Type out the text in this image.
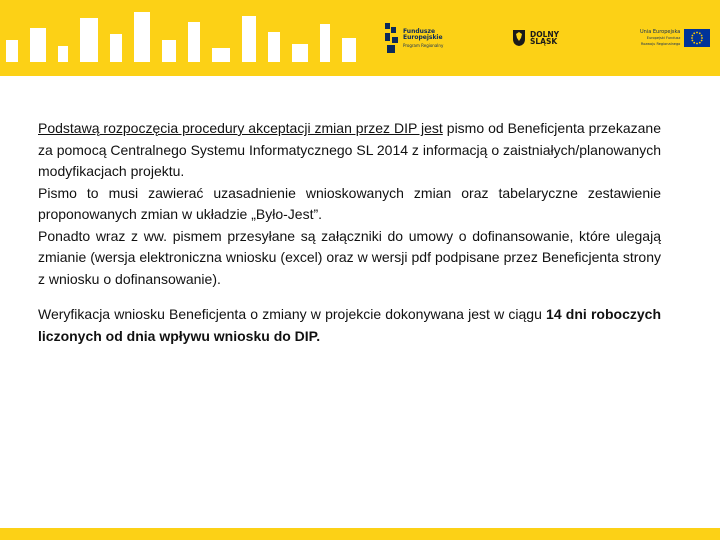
Fundusze
Europejskie
Program Regionalny
DOLNY
ŚLĄSK
Unia Europejska
Europejski Fundusz
Rozwoju Regionalnego

Podstawą rozpoczęcia procedury akceptacji zmian przez DIP jest pismo od Beneficjenta przekazane za pomocą Centralnego Systemu Informatycznego SL 2014 z informacją o zaistniałych/planowanych modyfikacjach projektu.

Pismo to musi zawierać uzasadnienie wnioskowanych zmian oraz tabelaryczne zestawienie proponowanych zmian w układzie „Było-Jest”.

Ponadto wraz z ww. pismem przesyłane są załączniki do umowy o dofinansowanie, które ulegają zmianie (wersja elektroniczna wniosku (excel) oraz w wersji pdf podpisane przez Beneficjenta strony z wniosku o dofinansowanie).

Weryfikacja wniosku Beneficjenta o zmiany w projekcie dokonywana jest w ciągu 14 dni roboczych liczonych od dnia wpływu wniosku do DIP.
